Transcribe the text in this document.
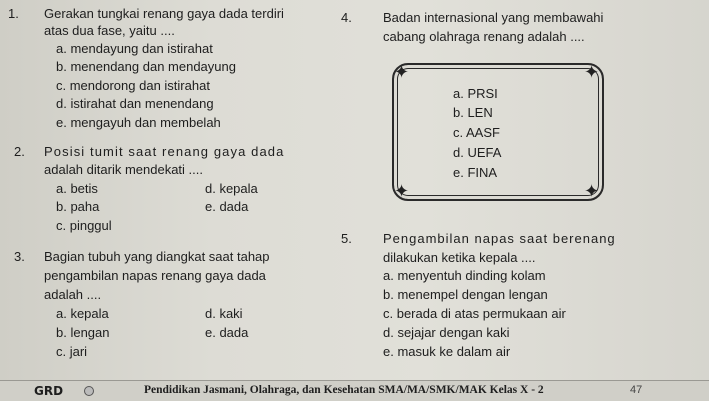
1. Gerakan tungkai renang gaya dada terdiri
atas dua fase, yaitu ....
a. mendayung dan istirahat
b. menendang dan mendayung
c. mendorong dan istirahat
d. istirahat dan menendang
e. mengayuh dan membelah
2. Posisi tumit saat renang gaya dada
adalah ditarik mendekati ....
a. betis
b. paha
c. pinggul
d. kepala
e. dada
3. Bagian tubuh yang diangkat saat tahap
pengambilan napas renang gaya dada
adalah ....
a. kepala
b. lengan
c. jari
d. kaki
e. dada
4. Badan internasional yang membawahi
cabang olahraga renang adalah ....
✦	✦
✦	✦
a. PRSI
b. LEN
c. AASF
d. UEFA
e. FINA
5. Pengambilan napas saat berenang
dilakukan ketika kepala ....
a. menyentuh dinding kolam
b. menempel dengan lengan
c. berada di atas permukaan air
d. sejajar dengan kaki
e. masuk ke dalam air
GRD	Pendidikan Jasmani, Olahraga, dan Kesehatan SMA/MA/SMK/MAK Kelas X - 2	47
